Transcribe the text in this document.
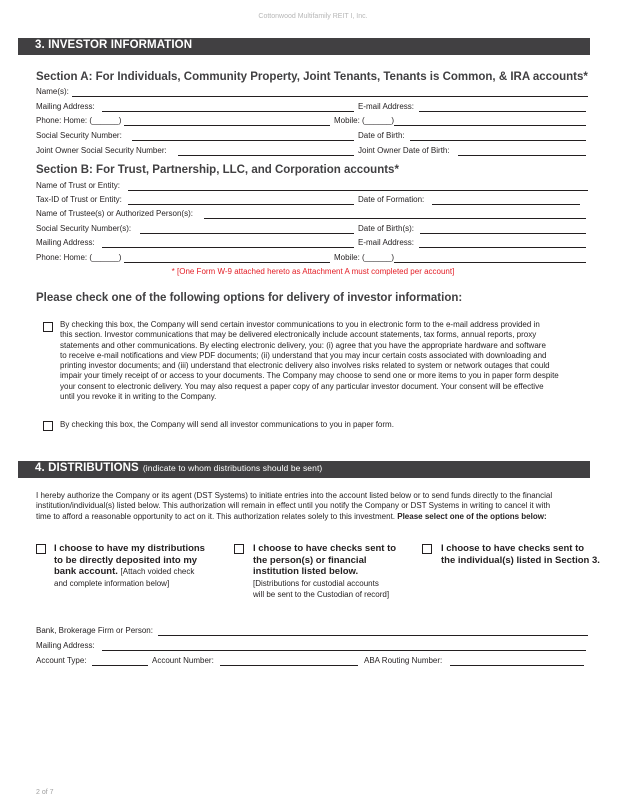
Cottonwood Multifamily REIT I, Inc.
3. INVESTOR INFORMATION
Section A: For Individuals, Community Property, Joint Tenants, Tenants is Common, & IRA accounts*
Name(s):
Mailing Address:	E-mail Address:
Phone: Home: (______)	Mobile: (______)
Social Security Number:	Date of Birth:
Joint Owner Social Security Number:	Joint Owner Date of Birth:
Section B: For Trust, Partnership, LLC, and Corporation accounts*
Name of Trust or Entity:
Tax-ID of Trust or Entity:	Date of Formation:
Name of Trustee(s) or Authorized Person(s):
Social Security Number(s):	Date of Birth(s):
Mailing Address:	E-mail Address:
Phone: Home: (______)	Mobile: (______)
* [One Form W-9 attached hereto as Attachment A must completed per account]
Please check one of the following options for delivery of investor information:
By checking this box, the Company will send certain investor communications to you in electronic form to the e-mail address provided in
this section. Investor communications that may be delivered electronically include account statements, tax forms, annual reports, proxy
statements and other communications. By electing electronic delivery, you: (i) agree that you have the appropriate hardware and software
to receive e-mail notifications and view PDF documents; (ii) understand that you may incur certain costs associated with downloading and
printing investor documents; and (iii) understand that electronic delivery also involves risks related to system or network outages that could
impair your timely receipt of or access to your documents. The Company may choose to send one or more items to you in paper form despite
your consent to electronic delivery. You may also request a paper copy of any particular investor document. Your consent will be effective
until you revoke it in writing to the Company.
By checking this box, the Company will send all investor communications to you in paper form.
4. DISTRIBUTIONS (indicate to whom distributions should be sent)
I hereby authorize the Company or its agent (DST Systems) to initiate entries into the account listed below or to send funds directly to the financial
institution/individual(s) listed below. This authorization will remain in effect until you notify the Company or DST Systems in writing to cancel it with
time to afford a reasonable opportunity to act on it. This authorization relates solely to this investment. Please select one of the options below:
I choose to have my distributions
to be directly deposited into my
bank account. [Attach voided check
and complete information below]
I choose to have checks sent to
the person(s) or financial
institution listed below.
[Distributions for custodial accounts
will be sent to the Custodian of record]
I choose to have checks sent to
the individual(s) listed in Section 3.
Bank, Brokerage Firm or Person:
Mailing Address:
Account Type:	Account Number:	ABA Routing Number:
2 of 7
